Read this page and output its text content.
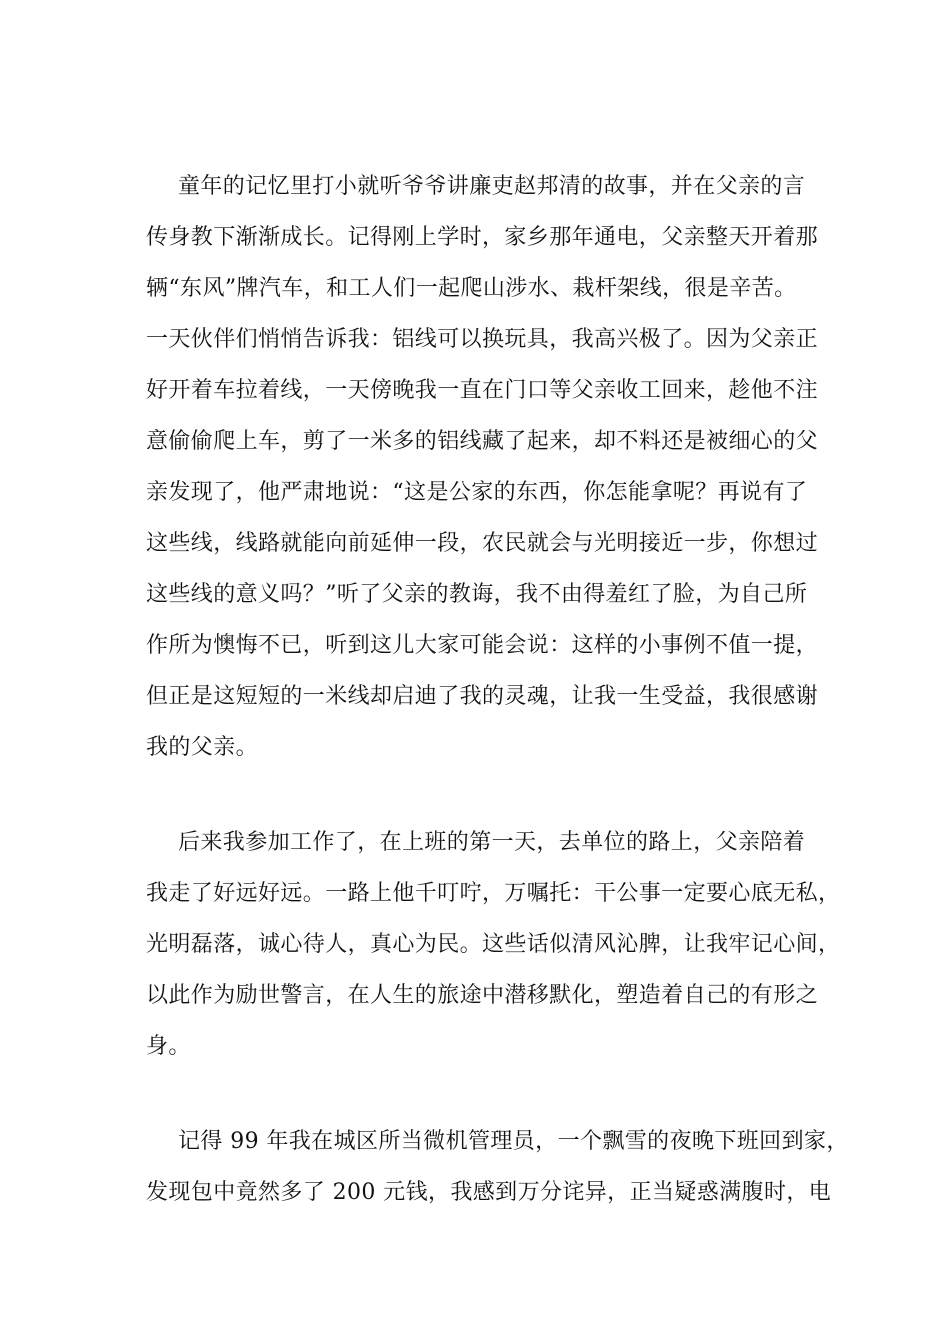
童年的记忆里打小就听爷爷讲廉吏赵邦清的故事，并在父亲的言
传身教下渐渐成长。记得刚上学时，家乡那年通电，父亲整天开着那
辆“东风”牌汽车，和工人们一起爬山涉水、栽杆架线，很是辛苦。
一天伙伴们悄悄告诉我：铝线可以换玩具，我高兴极了。因为父亲正
好开着车拉着线，一天傍晚我一直在门口等父亲收工回来，趁他不注
意偷偷爬上车，剪了一米多的铝线藏了起来，却不料还是被细心的父
亲发现了，他严肃地说：“这是公家的东西，你怎能拿呢？再说有了
这些线，线路就能向前延伸一段，农民就会与光明接近一步，你想过
这些线的意义吗？”听了父亲的教诲，我不由得羞红了脸，为自己所
作所为懊悔不已，听到这儿大家可能会说：这样的小事例不值一提，
但正是这短短的一米线却启迪了我的灵魂，让我一生受益，我很感谢
我的父亲。
后来我参加工作了，在上班的第一天，去单位的路上，父亲陪着
我走了好远好远。一路上他千叮咛，万嘱托：干公事一定要心底无私，
光明磊落，诚心待人，真心为民。这些话似清风沁脾，让我牢记心间，
以此作为励世警言，在人生的旅途中潜移默化，塑造着自己的有形之
身。
记得 99 年我在城区所当微机管理员，一个飘雪的夜晚下班回到家，
发现包中竟然多了 200 元钱，我感到万分诧异，正当疑惑满腹时，电
